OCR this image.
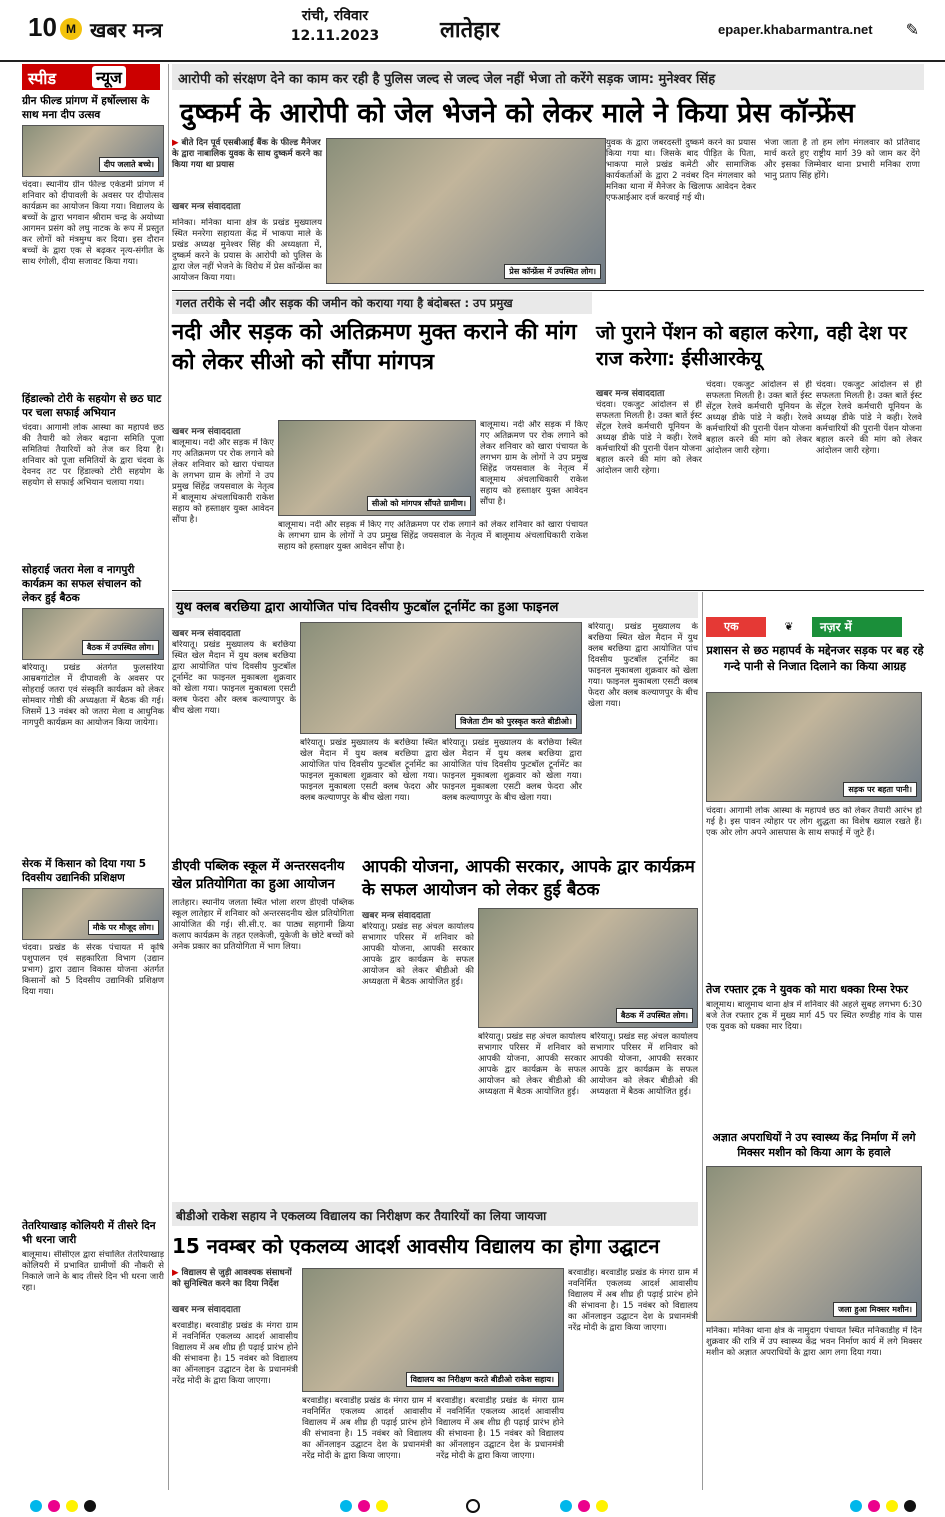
10 M खबर मन्त्र
रांची, रविवार
12.11.2023	लातेहार	epaper.khabarmantra.net ✎
स्पीड न्यूज
ग्रीन फील्ड प्रांगण में हर्षोल्लास के साथ मना दीप उत्सव
दीप जलाते बच्चे।
चंदवा। स्थानीय ग्रीन फील्ड एकेडमी प्रांगण में शनिवार को दीपावली के अवसर पर दीपोत्सव कार्यक्रम का आयोजन किया गया। विद्यालय के बच्चों के द्वारा भगवान श्रीराम चन्द्र के अयोध्या आगमन प्रसंग को लघु नाटक के रूप में प्रस्तुत कर लोगों को मंत्रमुग्ध कर दिया। इस दौरान बच्चों के द्वारा एक से बढ़कर नृत्य-संगीत के साथ रंगोली, दीया सजावट किया गया।
हिंडाल्को टोरी के सहयोग से छठ घाट पर चला सफाई अभियान
चंदवा। आगामी लोक आस्था का महापर्व छठ की तैयारी को लेकर बढ़ाना समिति पूजा समितियां तैयारियों को तेज कर दिया है। शनिवार को पूजा समितियों के द्वारा चंदवा के देवनद तट पर हिंडाल्को टोरी सहयोग के सहयोग से सफाई अभियान चलाया गया।
सोहराई जतरा मेला व नागपुरी कार्यक्रम का सफल संचालन को लेकर हुई बैठक
बैठक में उपस्थित लोग।
बरियातू। प्रखंड अंतर्गत फुलसरिया आम्रबगांटोल में दीपावली के अवसर पर सोहराई जतरा एवं संस्कृति कार्यक्रम को लेकर सोमवार गोष्ठी की अध्यक्षता में बैठक की गई। जिसमें 13 नवंबर को जतरा मेला व आधुनिक नागपुरी कार्यक्रम का आयोजन किया जायेगा।
सेरक में किसान को दिया गया 5 दिवसीय उद्यानिकी प्रशिक्षण
मौके पर मौजूद लोग।
चंदवा। प्रखंड के सेरक पंचायत में कृषि पशुपालन एवं सहकारिता विभाग (उद्यान प्रभाग) द्वारा उद्यान विकास योजना अंतर्गत किसानों को 5 दिवसीय उद्यानिकी प्रशिक्षण दिया गया।
तेतरियाखाड़ कोलियरी में तीसरे दिन भी धरना जारी
बालूमाथ। सीसीएल द्वारा संचालित तेतरियाखाड़ कोलियरी में प्रभावित ग्रामीणों की नौकरी से निकाले जाने के बाद तीसरे दिन भी धरना जारी रहा।
आरोपी को संरक्षण देने का काम कर रही है पुलिस जल्द से जल्द जेल नहीं भेजा तो करेंगे सड़क जाम: मुनेश्वर सिंह
दुष्कर्म के आरोपी को जेल भेजने को लेकर माले ने किया प्रेस कॉन्फ्रेंस
▶ बीते दिन पूर्व एसबीआई बैंक के फील्ड मैनेजर के द्वारा नाबालिक युवक के साथ दुष्कर्म करने का किया गया था प्रयास
खबर मन्त्र संवाददाता
मनिका। मनिका थाना क्षेत्र के प्रखंड मुख्यालय स्थित मनरेगा सहायता केंद्र में भाकपा माले के प्रखंड अध्यक्ष मुनेश्वर सिंह की अध्यक्षता में, दुष्कर्म करने के प्रयास के आरोपी को पुलिस के द्वारा जेल नहीं भेजने के विरोध में प्रेस कॉन्फ्रेंस का आयोजन किया गया।
प्रेस कॉन्फ्रेंस में उपस्थित लोग।
युवक के द्वारा जबरदस्ती दुष्कर्म करने का प्रयास किया गया था। जिसके बाद पीड़ित के पिता, भाकपा माले प्रखंड कमेटी और सामाजिक कार्यकर्ताओं के द्वारा 2 नवंबर दिन मंगलवार को मनिका थाना में मैनेजर के खिलाफ आवेदन देकर एफआईआर दर्ज करवाई गई थी।
भेजा जाता है तो हम लोग मंगलवार को प्रतिवाद मार्च करते हुए राष्ट्रीय मार्ग 39 को जाम कर देंगे और इसका जिम्मेवार थाना प्रभारी मनिका राणा भानु प्रताप सिंह होंगे।
गलत तरीके से नदी और सड़क की जमीन को कराया गया है बंदोबस्त : उप प्रमुख
नदी और सड़क को अतिक्रमण मुक्त कराने की मांग को लेकर सीओ को सौंपा मांगपत्र
खबर मन्त्र संवाददाता
बालूमाथ। नदी और सड़क में किए गए अतिक्रमण पर रोक लगाने को लेकर शनिवार को खारा पंचायत के लगभग ग्राम के लोगों ने उप प्रमुख सिंहेंद्र जयसवाल के नेतृत्व में बालूमाथ अंचलाधिकारी राकेश सहाय को हस्ताक्षर युक्त आवेदन सौंपा है।
सीओ को मांगपत्र सौंपते ग्रामीण।
बालूमाथ। नदी और सड़क में किए गए अतिक्रमण पर रोक लगाने को लेकर शनिवार को खारा पंचायत के लगभग ग्राम के लोगों ने उप प्रमुख सिंहेंद्र जयसवाल के नेतृत्व में बालूमाथ अंचलाधिकारी राकेश सहाय को हस्ताक्षर युक्त आवेदन सौंपा है।
बालूमाथ। नदी और सड़क में किए गए अतिक्रमण पर रोक लगाने को लेकर शनिवार को खारा पंचायत के लगभग ग्राम के लोगों ने उप प्रमुख सिंहेंद्र जयसवाल के नेतृत्व में बालूमाथ अंचलाधिकारी राकेश सहाय को हस्ताक्षर युक्त आवेदन सौंपा है।
जो पुराने पेंशन को बहाल करेगा, वही देश पर राज करेगा: ईसीआरकेयू
खबर मन्त्र संवाददाता
चंदवा। एकजुट आंदोलन से ही सफलता मिलती है। उक्त बातें ईस्ट सेंट्रल रेलवे कर्मचारी यूनियन के अध्यक्ष डीके पांडे ने कही। रेलवे कर्मचारियों की पुरानी पेंशन योजना बहाल करने की मांग को लेकर आंदोलन जारी रहेगा।
चंदवा। एकजुट आंदोलन से ही सफलता मिलती है। उक्त बातें ईस्ट सेंट्रल रेलवे कर्मचारी यूनियन के अध्यक्ष डीके पांडे ने कही। रेलवे कर्मचारियों की पुरानी पेंशन योजना बहाल करने की मांग को लेकर आंदोलन जारी रहेगा।
चंदवा। एकजुट आंदोलन से ही सफलता मिलती है। उक्त बातें ईस्ट सेंट्रल रेलवे कर्मचारी यूनियन के अध्यक्ष डीके पांडे ने कही। रेलवे कर्मचारियों की पुरानी पेंशन योजना बहाल करने की मांग को लेकर आंदोलन जारी रहेगा।
युथ क्लब बरछिया द्वारा आयोजित पांच दिवसीय फुटबॉल टूर्नामेंट का हुआ फाइनल
खबर मन्त्र संवाददाता
बरियातू। प्रखंड मुख्यालय के बरछिया स्थित खेल मैदान में युथ क्लब बरछिया द्वारा आयोजित पांच दिवसीय फुटबॉल टूर्नामेंट का फाइनल मुकाबला शुक्रवार को खेला गया। फाइनल मुकाबला एसटी क्लब फेदरा और क्लब कल्याणपुर के बीच खेला गया।
विजेता टीम को पुरस्कृत करते बीडीओ।
बरियातू। प्रखंड मुख्यालय के बरछिया स्थित खेल मैदान में युथ क्लब बरछिया द्वारा आयोजित पांच दिवसीय फुटबॉल टूर्नामेंट का फाइनल मुकाबला शुक्रवार को खेला गया। फाइनल मुकाबला एसटी क्लब फेदरा और क्लब कल्याणपुर के बीच खेला गया।
बरियातू। प्रखंड मुख्यालय के बरछिया स्थित खेल मैदान में युथ क्लब बरछिया द्वारा आयोजित पांच दिवसीय फुटबॉल टूर्नामेंट का फाइनल मुकाबला शुक्रवार को खेला गया। फाइनल मुकाबला एसटी क्लब फेदरा और क्लब कल्याणपुर के बीच खेला गया।
बरियातू। प्रखंड मुख्यालय के बरछिया स्थित खेल मैदान में युथ क्लब बरछिया द्वारा आयोजित पांच दिवसीय फुटबॉल टूर्नामेंट का फाइनल मुकाबला शुक्रवार को खेला गया। फाइनल मुकाबला एसटी क्लब फेदरा और क्लब कल्याणपुर के बीच खेला गया।
डीएवी पब्लिक स्कूल में अन्तरसदनीय खेल प्रतियोगिता का हुआ आयोजन
लातेहार। स्थानीय जलता स्थित भोला शरण डीएवी पब्लिक स्कूल लातेहार में शनिवार को अन्तरसदनीय खेल प्रतियोगिता आयोजित की गई। सी.सी.ए. का पाठ्य सहगामी क्रिया कलाप कार्यक्रम के तहत एलकेजी, यूकेजी के छोटे बच्चों को अनेक प्रकार का प्रतियोगिता में भाग लिया।
आपकी योजना, आपकी सरकार, आपके द्वार कार्यक्रम के सफल आयोजन को लेकर हुई बैठक
खबर मन्त्र संवाददाता
बरियातू। प्रखंड सह अंचल कार्यालय सभागार परिसर में शनिवार को आपकी योजना, आपकी सरकार आपके द्वार कार्यक्रम के सफल आयोजन को लेकर बीडीओ की अध्यक्षता में बैठक आयोजित हुई।
बैठक में उपस्थित लोग।
बरियातू। प्रखंड सह अंचल कार्यालय सभागार परिसर में शनिवार को आपकी योजना, आपकी सरकार आपके द्वार कार्यक्रम के सफल आयोजन को लेकर बीडीओ की अध्यक्षता में बैठक आयोजित हुई।
बरियातू। प्रखंड सह अंचल कार्यालय सभागार परिसर में शनिवार को आपकी योजना, आपकी सरकार आपके द्वार कार्यक्रम के सफल आयोजन को लेकर बीडीओ की अध्यक्षता में बैठक आयोजित हुई।
एक	❦	नज़र में
प्रशासन से छठ महापर्व के मद्देनजर सड़क पर बह रहे गन्दे पानी से निजात दिलाने का किया आग्रह
सड़क पर बहता पानी।
चंदवा। आगामी लोक आस्था के महापर्व छठ को लेकर तैयारी आरंभ हो गई है। इस पावन त्योहार पर लोग शुद्धता का विशेष ख्याल रखते हैं। एक ओर लोग अपने आसपास के साथ सफाई में जुटे हैं।
तेज रफ्तार ट्रक ने युवक को मारा धक्का रिम्स रेफर
बालूमाथ। बालूमाथ थाना क्षेत्र में शनिवार की अहले सुबह लगभग 6:30 बजे तेज रफ्तार ट्रक में मुख्य मार्ग 45 पर स्थित रुण्डीह गांव के पास एक युवक को धक्का मार दिया।
अज्ञात अपराधियों ने उप स्वास्थ्य केंद्र निर्माण में लगे मिक्सर मशीन को किया आग के हवाले
जला हुआ मिक्सर मशीन।
मनिका। मनिका थाना क्षेत्र के नामुदाग पंचायत स्थित मनिकाडीह में दिन शुक्रवार की रात्रि में उप स्वास्थ्य केंद्र भवन निर्माण कार्य में लगे मिक्सर मशीन को अज्ञात अपराधियों के द्वारा आग लगा दिया गया।
बीडीओ राकेश सहाय ने एकलव्य विद्यालय का निरीक्षण कर तैयारियों का लिया जायजा
15 नवम्बर को एकलव्य आदर्श आवसीय विद्यालय का होगा उद्घाटन
▶ विद्यालय से जुड़ी आवश्यक संसाधनों को सुनिश्चित करने का दिया निर्देश
खबर मन्त्र संवाददाता
बरवाडीह। बरवाडीह प्रखंड के मंगरा ग्राम में नवनिर्मित एकलव्य आदर्श आवासीय विद्यालय में अब शीघ्र ही पढ़ाई प्रारंभ होने की संभावना है। 15 नवंबर को विद्यालय का ऑनलाइन उद्घाटन देश के प्रधानमंत्री नरेंद्र मोदी के द्वारा किया जाएगा।	विद्यालय का निरीक्षण करते बीडीओ राकेश सहाय।
बरवाडीह। बरवाडीह प्रखंड के मंगरा ग्राम में नवनिर्मित एकलव्य आदर्श आवासीय विद्यालय में अब शीघ्र ही पढ़ाई प्रारंभ होने की संभावना है। 15 नवंबर को विद्यालय का ऑनलाइन उद्घाटन देश के प्रधानमंत्री नरेंद्र मोदी के द्वारा किया जाएगा।
बरवाडीह। बरवाडीह प्रखंड के मंगरा ग्राम में नवनिर्मित एकलव्य आदर्श आवासीय विद्यालय में अब शीघ्र ही पढ़ाई प्रारंभ होने की संभावना है। 15 नवंबर को विद्यालय का ऑनलाइन उद्घाटन देश के प्रधानमंत्री नरेंद्र मोदी के द्वारा किया जाएगा।
बरवाडीह। बरवाडीह प्रखंड के मंगरा ग्राम में नवनिर्मित एकलव्य आदर्श आवासीय विद्यालय में अब शीघ्र ही पढ़ाई प्रारंभ होने की संभावना है। 15 नवंबर को विद्यालय का ऑनलाइन उद्घाटन देश के प्रधानमंत्री नरेंद्र मोदी के द्वारा किया जाएगा।
